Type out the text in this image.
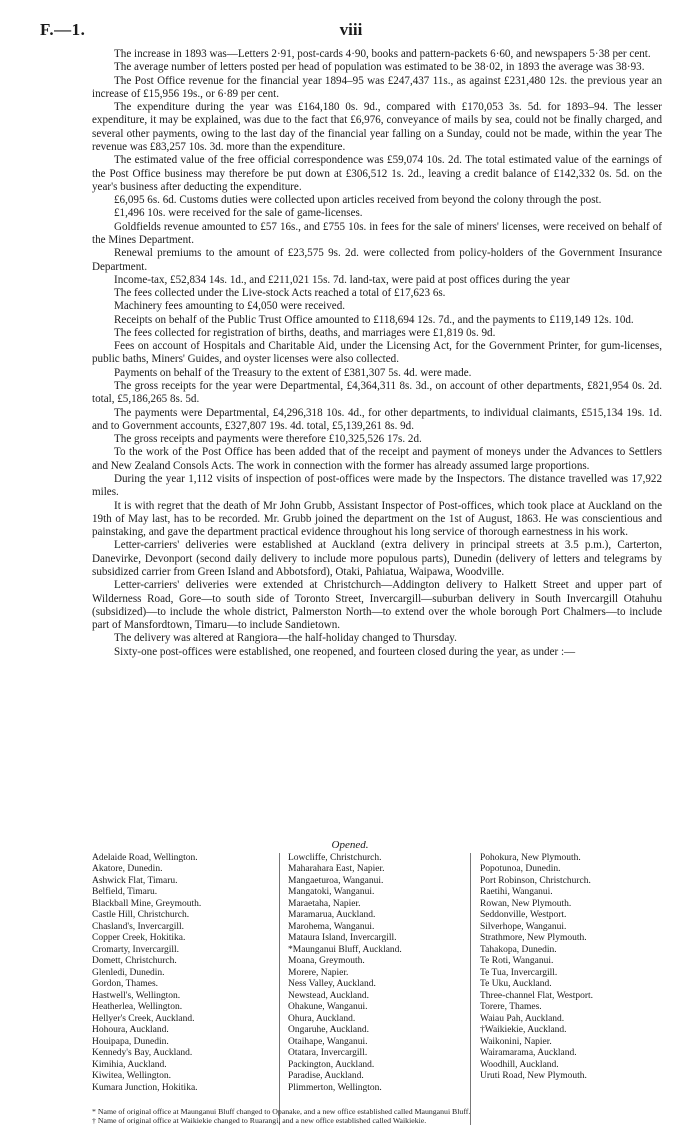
F.—1.	viii

The increase in 1893 was—Letters 2·91, post-cards 4·90, books and pattern-packets 6·60, and newspapers 5·38 per cent.

The average number of letters posted per head of population was estimated to be 38·02, in 1893 the average was 38·93.

The Post Office revenue for the financial year 1894–95 was £247,437 11s., as against £231,480 12s. the previous year an increase of £15,956 19s., or 6·89 per cent.

The expenditure during the year was £164,180 0s. 9d., compared with £170,053 3s. 5d. for 1893–94. The lesser expenditure, it may be explained, was due to the fact that £6,976, conveyance of mails by sea, could not be finally charged, and several other payments, owing to the last day of the financial year falling on a Sunday, could not be made, within the year The revenue was £83,257 10s. 3d. more than the expenditure.

The estimated value of the free official correspondence was £59,074 10s. 2d. The total estimated value of the earnings of the Post Office business may therefore be put down at £306,512 1s. 2d., leaving a credit balance of £142,332 0s. 5d. on the year's business after deducting the expenditure.

£6,095 6s. 6d. Customs duties were collected upon articles received from beyond the colony through the post.

£1,496 10s. were received for the sale of game-licenses.

Goldfields revenue amounted to £57 16s., and £755 10s. in fees for the sale of miners' licenses, were received on behalf of the Mines Department.

Renewal premiums to the amount of £23,575 9s. 2d. were collected from policy-holders of the Government Insurance Department.

Income-tax, £52,834 14s. 1d., and £211,021 15s. 7d. land-tax, were paid at post offices during the year

The fees collected under the Live-stock Acts reached a total of £17,623 6s.

Machinery fees amounting to £4,050 were received.

Receipts on behalf of the Public Trust Office amounted to £118,694 12s. 7d., and the payments to £119,149 12s. 10d.

The fees collected for registration of births, deaths, and marriages were £1,819 0s. 9d.

Fees on account of Hospitals and Charitable Aid, under the Licensing Act, for the Government Printer, for gum-licenses, public baths, Miners' Guides, and oyster licenses were also collected.

Payments on behalf of the Treasury to the extent of £381,307 5s. 4d. were made.

The gross receipts for the year were Departmental, £4,364,311 8s. 3d., on account of other departments, £821,954 0s. 2d. total, £5,186,265 8s. 5d.

The payments were Departmental, £4,296,318 10s. 4d., for other departments, to individual claimants, £515,134 19s. 1d. and to Government accounts, £327,807 19s. 4d. total, £5,139,261 8s. 9d.

The gross receipts and payments were therefore £10,325,526 17s. 2d.

To the work of the Post Office has been added that of the receipt and payment of moneys under the Advances to Settlers and New Zealand Consols Acts. The work in connection with the former has already assumed large proportions.

During the year 1,112 visits of inspection of post-offices were made by the Inspectors. The distance travelled was 17,922 miles.

It is with regret that the death of Mr John Grubb, Assistant Inspector of Post-offices, which took place at Auckland on the 19th of May last, has to be recorded. Mr. Grubb joined the department on the 1st of August, 1863. He was conscientious and painstaking, and gave the department practical evidence throughout his long service of thorough earnestness in his work.

Letter-carriers' deliveries were established at Auckland (extra delivery in principal streets at 3.5 p.m.), Carterton, Danevirke, Devonport (second daily delivery to include more populous parts), Dunedin (delivery of letters and telegrams by subsidized carrier from Green Island and Abbotsford), Otaki, Pahiatua, Waipawa, Woodville.

Letter-carriers' deliveries were extended at Christchurch—Addington delivery to Halkett Street and upper part of Wilderness Road, Gore—to south side of Toronto Street, Invercargill—suburban delivery in South Invercargill Otahuhu (subsidized)—to include the whole district, Palmerston North—to extend over the whole borough Port Chalmers—to include part of Mansfordtown, Timaru—to include Sandietown.

The delivery was altered at Rangiora—the half-holiday changed to Thursday.

Sixty-one post-offices were established, one reopened, and fourteen closed during the year, as under :—

Opened.
Adelaide Road, Wellington.
Akatore, Dunedin.
Ashwick Flat, Timaru.
Belfield, Timaru.
Blackball Mine, Greymouth.
Castle Hill, Christchurch.
Chasland's, Invercargill.
Copper Creek, Hokitika.
Cromarty, Invercargill.
Domett, Christchurch.
Glenledi, Dunedin.
Gordon, Thames.
Hastwell's, Wellington.
Heatherlea, Wellington.
Hellyer's Creek, Auckland.
Hohoura, Auckland.
Houipapa, Dunedin.
Kennedy's Bay, Auckland.
Kimihia, Auckland.
Kiwitea, Wellington.
Kumara Junction, Hokitika.
Lowcliffe, Christchurch.
Maharahara East, Napier.
Mangaeturoa, Wanganui.
Mangatoki, Wanganui.
Maraetaha, Napier.
Maramarua, Auckland.
Marohema, Wanganui.
Mataura Island, Invercargill.
*Maunganui Bluff, Auckland.
Moana, Greymouth.
Morere, Napier.
Ness Valley, Auckland.
Newstead, Auckland.
Ohakune, Wanganui.
Ohura, Auckland.
Ongaruhe, Auckland.
Otaihape, Wanganui.
Otatara, Invercargill.
Packington, Auckland.
Paradise, Auckland.
Plimmerton, Wellington.
Pohokura, New Plymouth.
Popotunoa, Dunedin.
Port Robinson, Christchurch.
Raetihi, Wanganui.
Rowan, New Plymouth.
Seddonville, Westport.
Silverhope, Wanganui.
Strathmore, New Plymouth.
Tahakopa, Dunedin.
Te Roti, Wanganui.
Te Tua, Invercargill.
Te Uku, Auckland.
Three-channel Flat, Westport.
Torere, Thames.
Waiau Pah, Auckland.
†Waikiekie, Auckland.
Waikonini, Napier.
Wairamarama, Auckland.
Woodhill, Auckland.
Uruti Road, New Plymouth.
* Name of original office at Maunganui Bluff changed to Opanake, and a new office established called Maunganui Bluff.
† Name of original office at Waikiekie changed to Ruarangi, and a new office established called Waikiekie.
